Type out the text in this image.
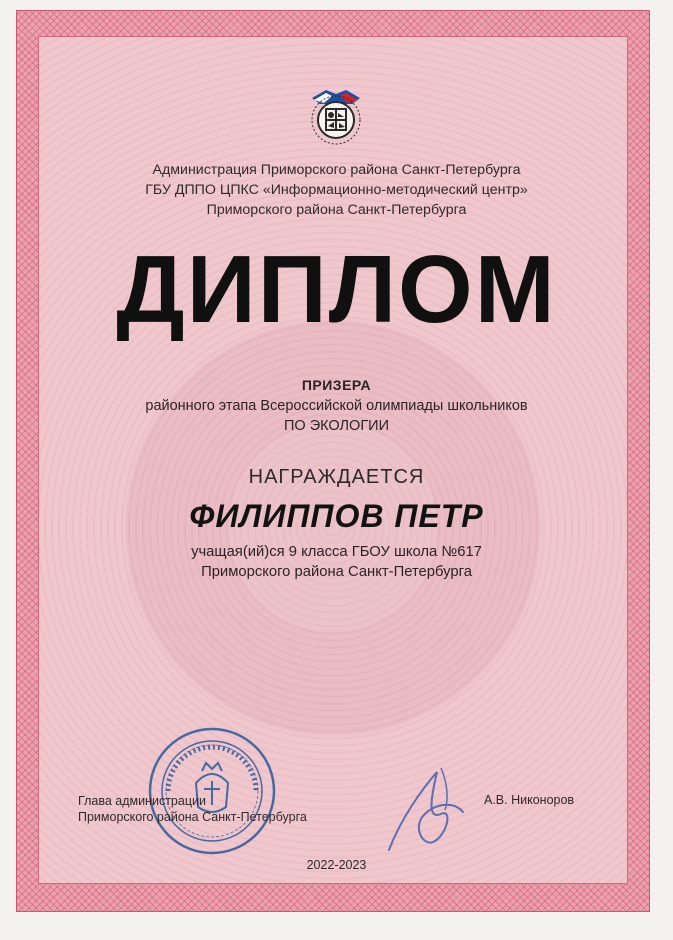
Администрация Приморского района Санкт-Петербурга
ГБУ ДППО ЦПКС «Информационно-методический центр»
Приморского района Санкт-Петербурга
ДИПЛОМ
ПРИЗЕРА
районного этапа Всероссийской олимпиады школьников
ПО ЭКОЛОГИИ
НАГРАЖДАЕТСЯ
ФИЛИППОВ ПЕТР
учащая(ий)ся 9 класса ГБОУ школа №617
Приморского района Санкт-Петербурга
Глава администрации
Приморского района Санкт-Петербурга
А.В. Никоноров
2022-2023
